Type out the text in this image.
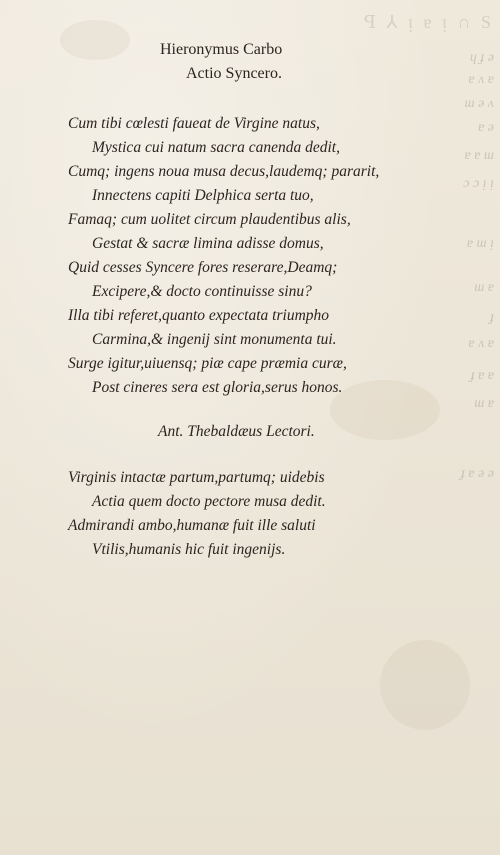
ꟼ ⅄ ᴉ ɐ ᴉ ∩ S
ɥ ɟ ǝ
ɐ ʌ ɐ
ɯ ǝ ʌ
ɐ ǝ
ɐ ɐ ɯ
ɔ ɔ ᴉ ᴉ
ɐ ɯ ᴉ
ɯ ɐ
ɟ
ɐ ʌ ɐ
ɟ ɐ ɐ
ɯ ɐ
ɟ ɐ ǝ ǝ
Hieronymus Carbo
Actio Syncero.
Cum tibi cœlesti faueat de Virgine natus,
Mystica cui natum sacra canenda dedit,
Cumq; ingens noua musa decus,laudemq; pararit,
Innectens capiti Delphica serta tuo,
Famaq; cum uolitet circum plaudentibus alis,
Gestat & sacræ limina adisse domus,
Quid cesses Syncere fores reserare,Deamq;
Excipere,& docto continuisse sinu?
Illa tibi referet,quanto expectata triumpho
Carmina,& ingenij sint monumenta tui.
Surge igitur,uiuensq; piæ cape præmia curæ,
Post cineres sera est gloria,serus honos.
Ant. Thebaldæus Lectori.
Virginis intactæ partum,partumq; uidebis
Actia quem docto pectore musa dedit.
Admirandi ambo,humanæ fuit ille saluti
Vtilis,humanis hic fuit ingenijs.
